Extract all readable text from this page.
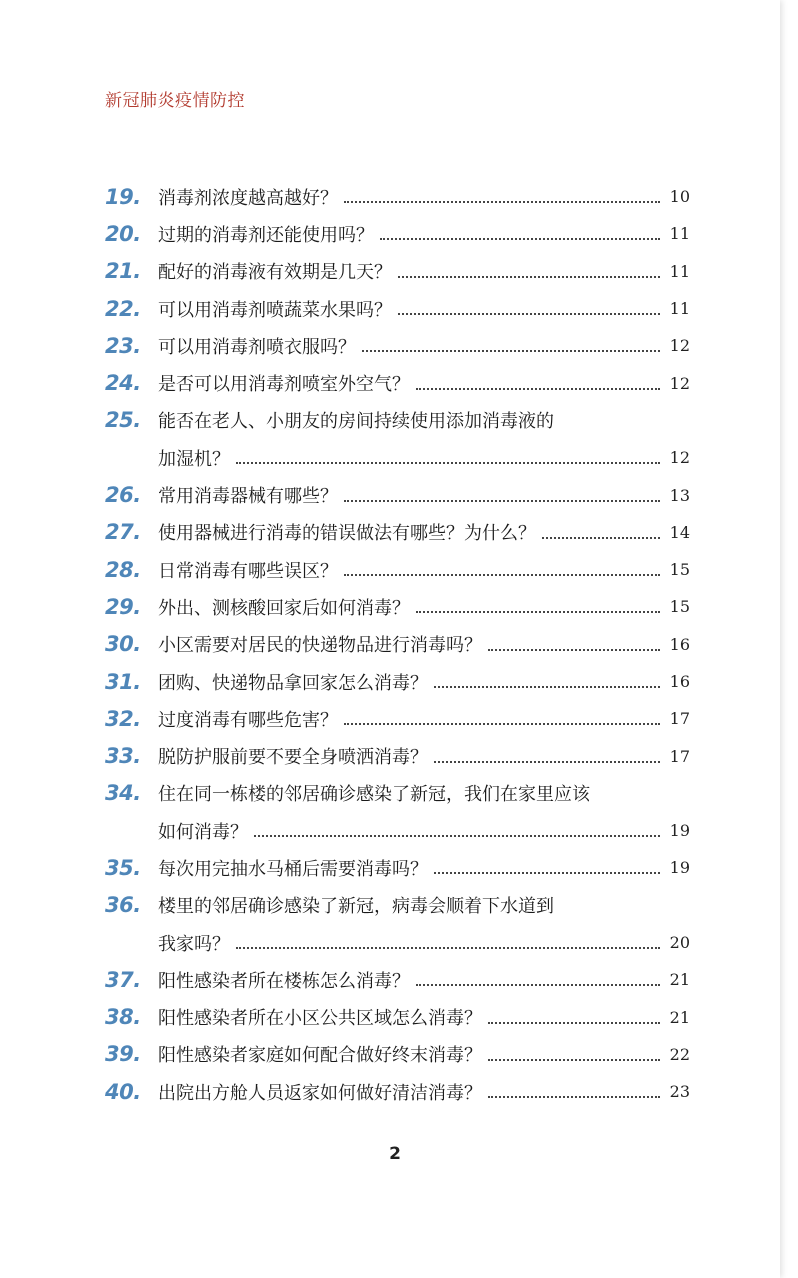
新冠肺炎疫情防控
19. 消毒剂浓度越高越好？	10
20. 过期的消毒剂还能使用吗？	11
21. 配好的消毒液有效期是几天？	11
22. 可以用消毒剂喷蔬菜水果吗？	11
23. 可以用消毒剂喷衣服吗？	12
24. 是否可以用消毒剂喷室外空气？	12
25. 能否在老人、小朋友的房间持续使用添加消毒液的
加湿机？	12
26. 常用消毒器械有哪些？	13
27. 使用器械进行消毒的错误做法有哪些？为什么？	14
28. 日常消毒有哪些误区？	15
29. 外出、测核酸回家后如何消毒？	15
30. 小区需要对居民的快递物品进行消毒吗？	16
31. 团购、快递物品拿回家怎么消毒？	16
32. 过度消毒有哪些危害？	17
33. 脱防护服前要不要全身喷洒消毒？	17
34. 住在同一栋楼的邻居确诊感染了新冠，我们在家里应该
如何消毒？	19
35. 每次用完抽水马桶后需要消毒吗？	19
36. 楼里的邻居确诊感染了新冠，病毒会顺着下水道到
我家吗？	20
37. 阳性感染者所在楼栋怎么消毒？	21
38. 阳性感染者所在小区公共区域怎么消毒？	21
39. 阳性感染者家庭如何配合做好终末消毒？	22
40. 出院出方舱人员返家如何做好清洁消毒？	23
2
